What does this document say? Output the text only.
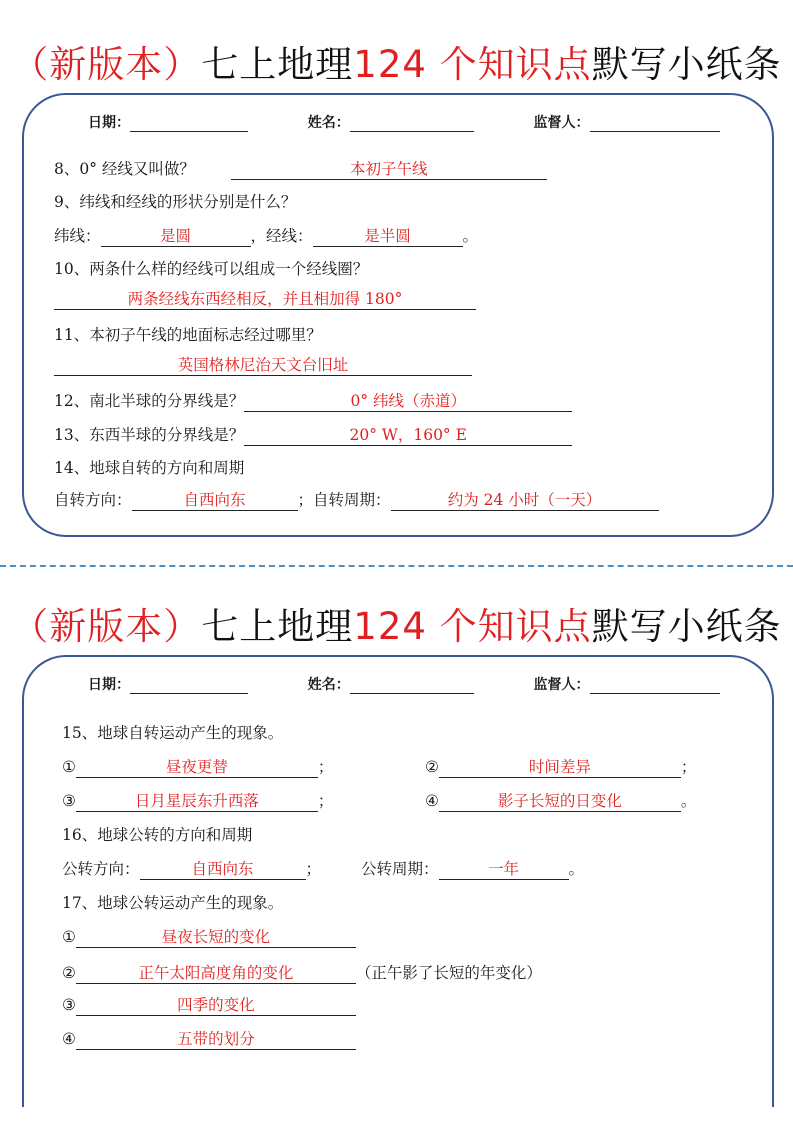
（新版本）七上地理124 个知识点默写小纸条
日期：	姓名：	监督人：
8、0° 经线又叫做？	本初子午线
9、纬线和经线的形状分别是什么？
纬线：	是圆	，经线：	是半圆	。
10、两条什么样的经线可以组成一个经线圈？
两条经线东西经相反，并且相加得 180°
11、本初子午线的地面标志经过哪里？
英国格林尼治天文台旧址
12、南北半球的分界线是？	0° 纬线（赤道）
13、东西半球的分界线是？	20° W，160° E
14、地球自转的方向和周期
自转方向：	自西向东	；自转周期：	约为 24 小时（一天）
（新版本）七上地理124 个知识点默写小纸条
日期：	姓名：	监督人：
15、地球自转运动产生的现象。
①	昼夜更替	；	②	时间差异	；
③	日月星辰东升西落	；	④	影子长短的日变化	。
16、地球公转的方向和周期
公转方向：	自西向东	；	公转周期：	一年	。
17、地球公转运动产生的现象。
①	昼夜长短的变化
②	正午太阳高度角的变化	（正午影了长短的年变化）
③	四季的变化
④	五带的划分
